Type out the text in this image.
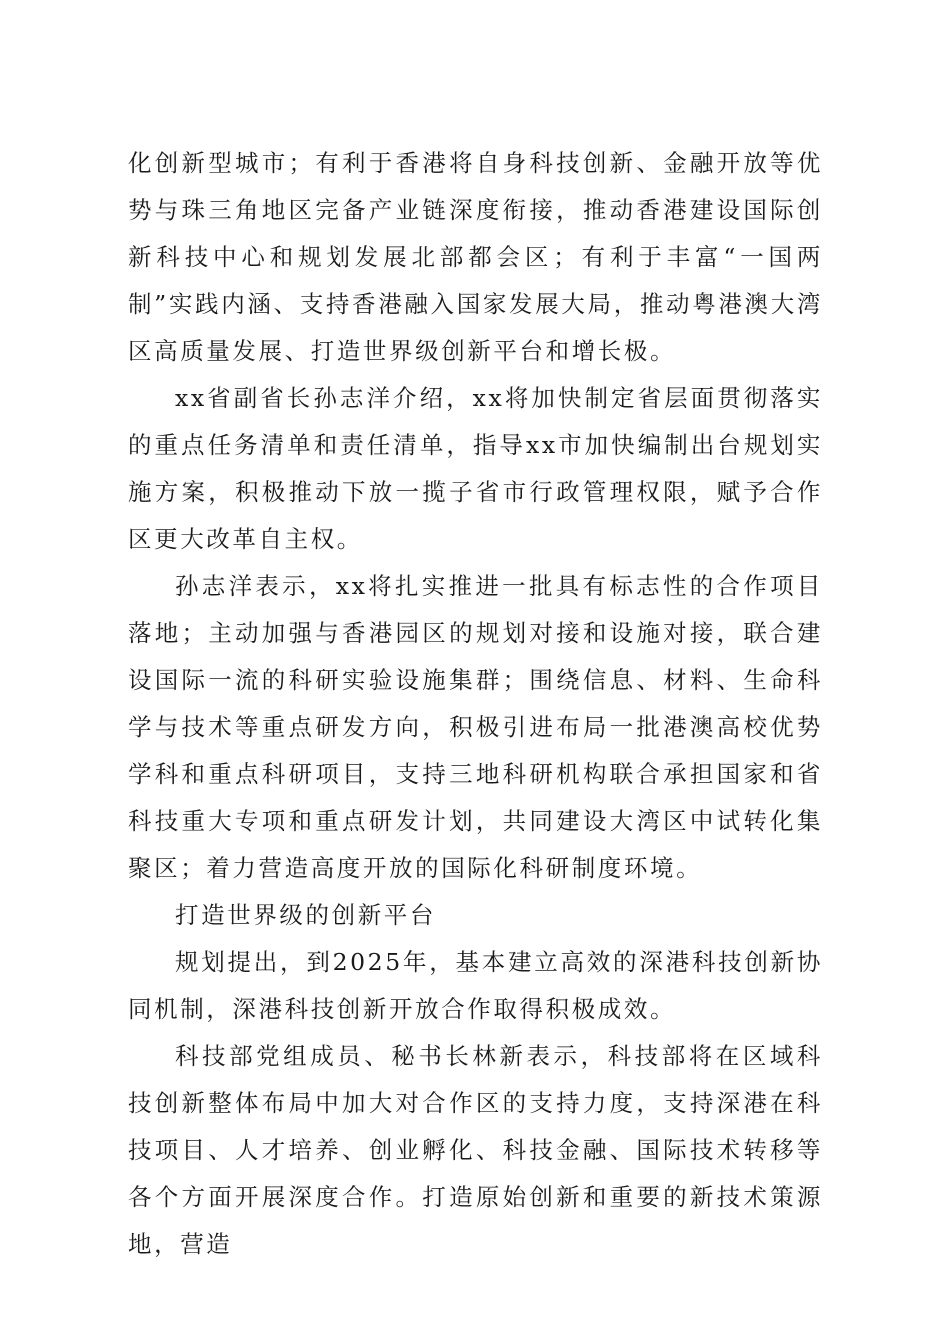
化创新型城市；有利于香港将自身科技创新、金融开放等优势与珠三角地区完备产业链深度衔接，推动香港建设国际创新科技中心和规划发展北部都会区；有利于丰富“一国两制”实践内涵、支持香港融入国家发展大局，推动粤港澳大湾区高质量发展、打造世界级创新平台和增长极。

xx省副省长孙志洋介绍，xx将加快制定省层面贯彻落实的重点任务清单和责任清单，指导xx市加快编制出台规划实施方案，积极推动下放一揽子省市行政管理权限，赋予合作区更大改革自主权。

孙志洋表示，xx将扎实推进一批具有标志性的合作项目落地；主动加强与香港园区的规划对接和设施对接，联合建设国际一流的科研实验设施集群；围绕信息、材料、生命科学与技术等重点研发方向，积极引进布局一批港澳高校优势学科和重点科研项目，支持三地科研机构联合承担国家和省科技重大专项和重点研发计划，共同建设大湾区中试转化集聚区；着力营造高度开放的国际化科研制度环境。

打造世界级的创新平台

规划提出，到2025年，基本建立高效的深港科技创新协同机制，深港科技创新开放合作取得积极成效。

科技部党组成员、秘书长林新表示，科技部将在区域科技创新整体布局中加大对合作区的支持力度，支持深港在科技项目、人才培养、创业孵化、科技金融、国际技术转移等各个方面开展深度合作。打造原始创新和重要的新技术策源地，营造
